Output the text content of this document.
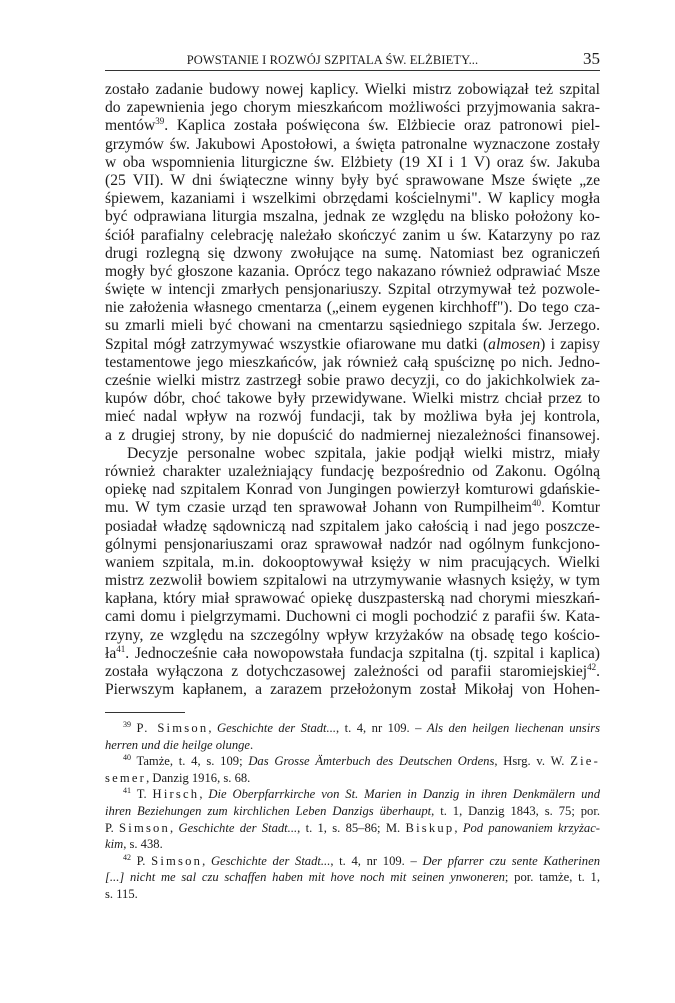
POWSTANIE I ROZWÓJ SZPITALA ŚW. ELŻBIETY...	35
zostało zadanie budowy nowej kaplicy. Wielki mistrz zobowiązał też szpital
do zapewnienia jego chorym mieszkańcom możliwości przyjmowania sakra-
mentów$^{39}$. Kaplica została poświęcona św. Elżbiecie oraz patronowi piel-
grzymów św. Jakubowi Apostołowi, a święta patronalne wyznaczone zostały
w oba wspomnienia liturgiczne św. Elżbiety (19 XI i 1 V) oraz św. Jakuba
(25 VII). W dni świąteczne winny były być sprawowane Msze święte „ze
śpiewem, kazaniami i wszelkimi obrzędami kościelnymi". W kaplicy mogła
być odprawiana liturgia mszalna, jednak ze względu na blisko położony ko-
ściół parafialny celebrację należało skończyć zanim u św. Katarzyny po raz
drugi rozlegną się dzwony zwołujące na sumę. Natomiast bez ograniczeń
mogły być głoszone kazania. Oprócz tego nakazano również odprawiać Msze
święte w intencji zmarłych pensjonariuszy. Szpital otrzymywał też pozwole-
nie założenia własnego cmentarza („einem eygenen kirchhoff"). Do tego cza-
su zmarli mieli być chowani na cmentarzu sąsiedniego szpitala św. Jerzego.
Szpital mógł zatrzymywać wszystkie ofiarowane mu datki (almosen) i zapisy
testamentowe jego mieszkańców, jak również całą spuściznę po nich. Jedno-
cześnie wielki mistrz zastrzegł sobie prawo decyzji, co do jakichkolwiek za-
kupów dóbr, choć takowe były przewidywane. Wielki mistrz chciał przez to
mieć nadal wpływ na rozwój fundacji, tak by możliwa była jej kontrola,
a z drugiej strony, by nie dopuścić do nadmiernej niezależności finansowej.
Decyzje personalne wobec szpitala, jakie podjął wielki mistrz, miały
również charakter uzależniający fundację bezpośrednio od Zakonu. Ogólną
opiekę nad szpitalem Konrad von Jungingen powierzył komturowi gdańskie-
mu. W tym czasie urząd ten sprawował Johann von Rumpilheim$^{40}$. Komtur
posiadał władzę sądowniczą nad szpitalem jako całością i nad jego poszcze-
gólnymi pensjonariuszami oraz sprawował nadzór nad ogólnym funkcjono-
waniem szpitala, m.in. dokooptowywał księży w nim pracujących. Wielki
mistrz zezwolił bowiem szpitalowi na utrzymywanie własnych księży, w tym
kapłana, który miał sprawować opiekę duszpasterską nad chorymi mieszkań-
cami domu i pielgrzymami. Duchowni ci mogli pochodzić z parafii św. Kata-
rzyny, ze względu na szczególny wpływ krzyżaków na obsadę tego kościo-
$ła^{41}$. Jednocześnie cała nowopowstała fundacja szpitalna (tj. szpital i kaplica)
została wyłączona z dotychczasowej zależności od parafii staromiejskiej$^{42}$.
Pierwszym kapłanem, a zarazem przełożonym został Mikołaj von Hohen-
$^{39}$ P. Simson, Geschichte der Stadt..., t. 4, nr 109. – Als den heilgen liechenan unsirs
herren und die heilge olunge.
$^{40}$ Tamże, t. 4, s. 109; Das Grosse Ämterbuch des Deutschen Ordens, Hsrg. v. W. Zie-
semer, Danzig 1916, s. 68.
$^{41}$ T. Hirsch, Die Oberpfarrkirche von St. Marien in Danzig in ihren Denkmälern und
ihren Beziehungen zum kirchlichen Leben Danzigs überhaupt, t. 1, Danzig 1843, s. 75; por.
P. Simson, Geschichte der Stadt..., t. 1, s. 85–86; M. Biskup, Pod panowaniem krzyżac-
kim, s. 438.
$^{42}$ P. Simson, Geschichte der Stadt..., t. 4, nr 109. – Der pfarrer czu sente Katherinen
[...] nicht me sal czu schaffen haben mit hove noch mit seinen ynwoneren; por. tamże, t. 1,
s. 115.
